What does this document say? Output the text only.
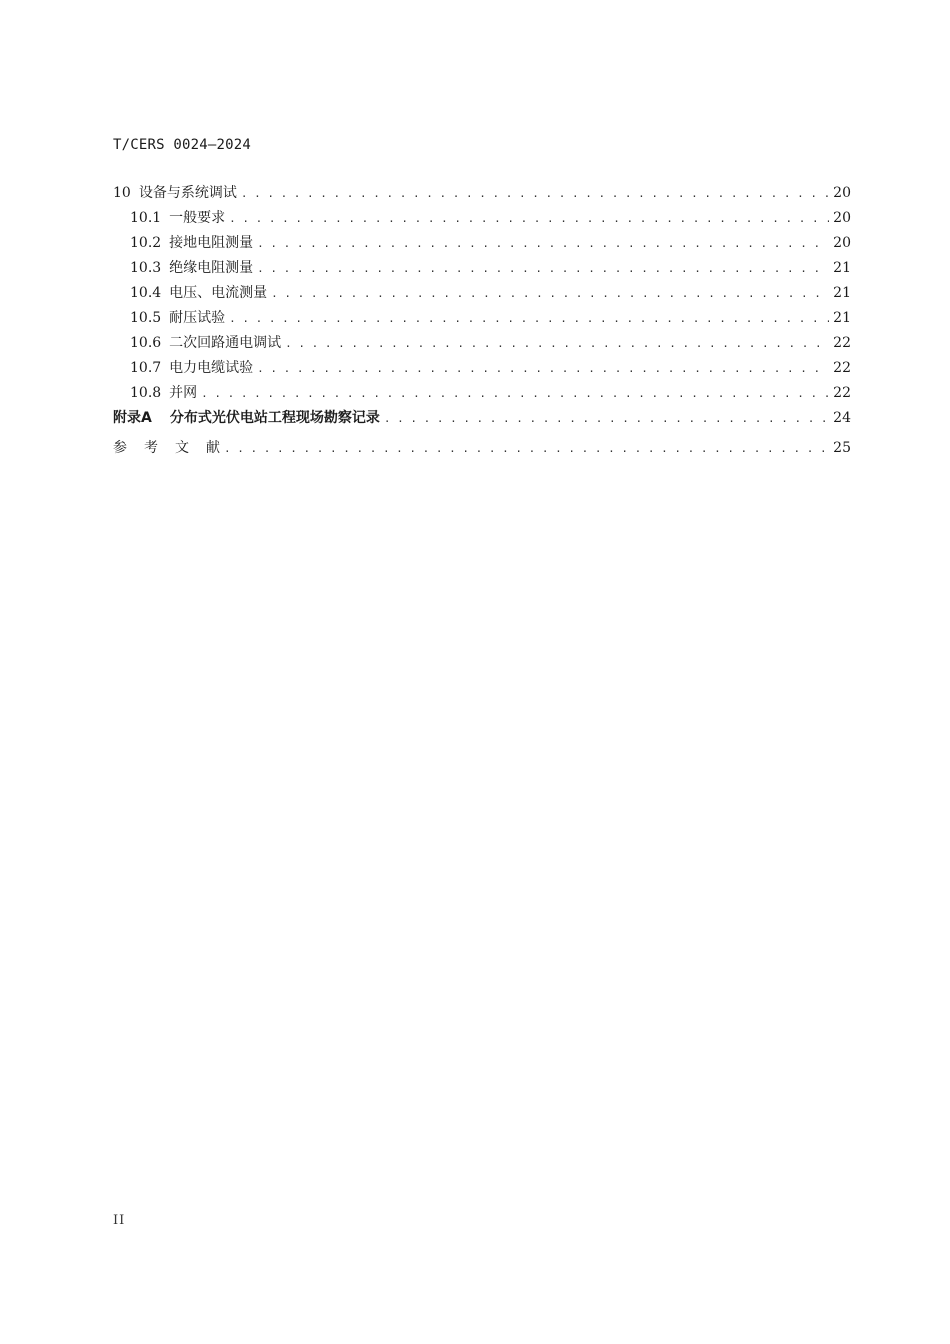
T/CERS 0024—2024
10 设备与系统调试 . . .	20
10.1 一般要求 . . .	20
10.2 接地电阻测量 . . .	20
10.3 绝缘电阻测量 . . .	21
10.4 电压、电流测量 . . .	21
10.5 耐压试验 . . .	21
10.6 二次回路通电调试 . . .	22
10.7 电力电缆试验 . . .	22
10.8 并网 . . .	22
附录A 分布式光伏电站工程现场勘察记录 . . .	24
参考文献 . . .	25
II
